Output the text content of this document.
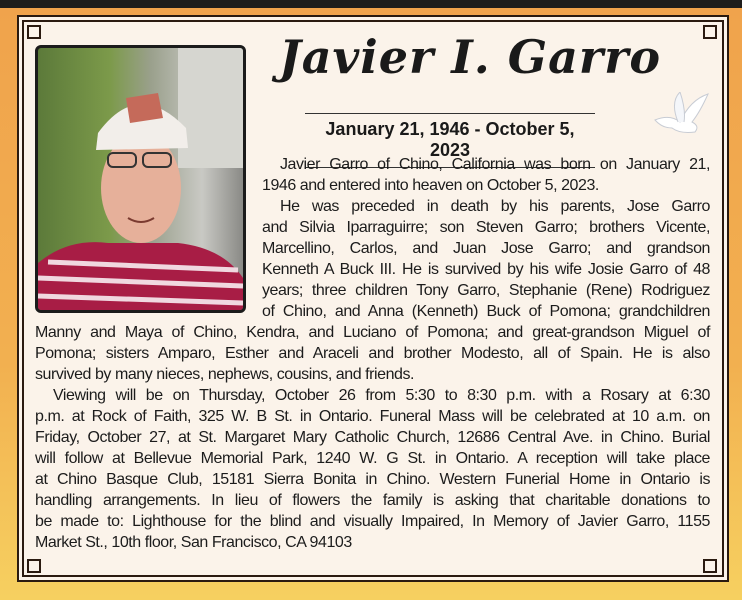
Javier I. Garro
January 21, 1946 - October 5, 2023
Javier Garro of Chino, California was born on January 21,
1946 and entered into heaven on October 5, 2023.
He was preceded in death by his parents, Jose Garro
and Silvia Iparraguirre; son Steven Garro; brothers Vicente,
Marcellino, Carlos, and Juan Jose Garro; and grandson
Kenneth A Buck III. He is survived by his wife Josie Garro of 48
years; three children Tony Garro, Stephanie (Rene) Rodriguez
of Chino, and Anna (Kenneth) Buck of Pomona; grandchildren
Manny and Maya of Chino, Kendra, and Luciano of Pomona; and great-grandson Miguel of
Pomona; sisters Amparo, Esther and Araceli and brother Modesto, all of Spain. He is also
survived by many nieces, nephews, cousins, and friends.
Viewing will be on Thursday, October 26 from 5:30 to 8:30 p.m. with a Rosary at 6:30
p.m. at Rock of Faith, 325 W. B St. in Ontario. Funeral Mass will be celebrated at 10 a.m. on
Friday, October 27, at St. Margaret Mary Catholic Church, 12686 Central Ave. in Chino. Burial
will follow at Bellevue Memorial Park, 1240 W. G St. in Ontario. A reception will take place
at Chino Basque Club, 15181 Sierra Bonita in Chino. Western Funerial Home in Ontario is
handling arrangements. In lieu of flowers the family is asking that charitable donations to
be made to: Lighthouse for the blind and visually Impaired, In Memory of Javier Garro, 1155
Market St., 10th floor, San Francisco, CA 94103
